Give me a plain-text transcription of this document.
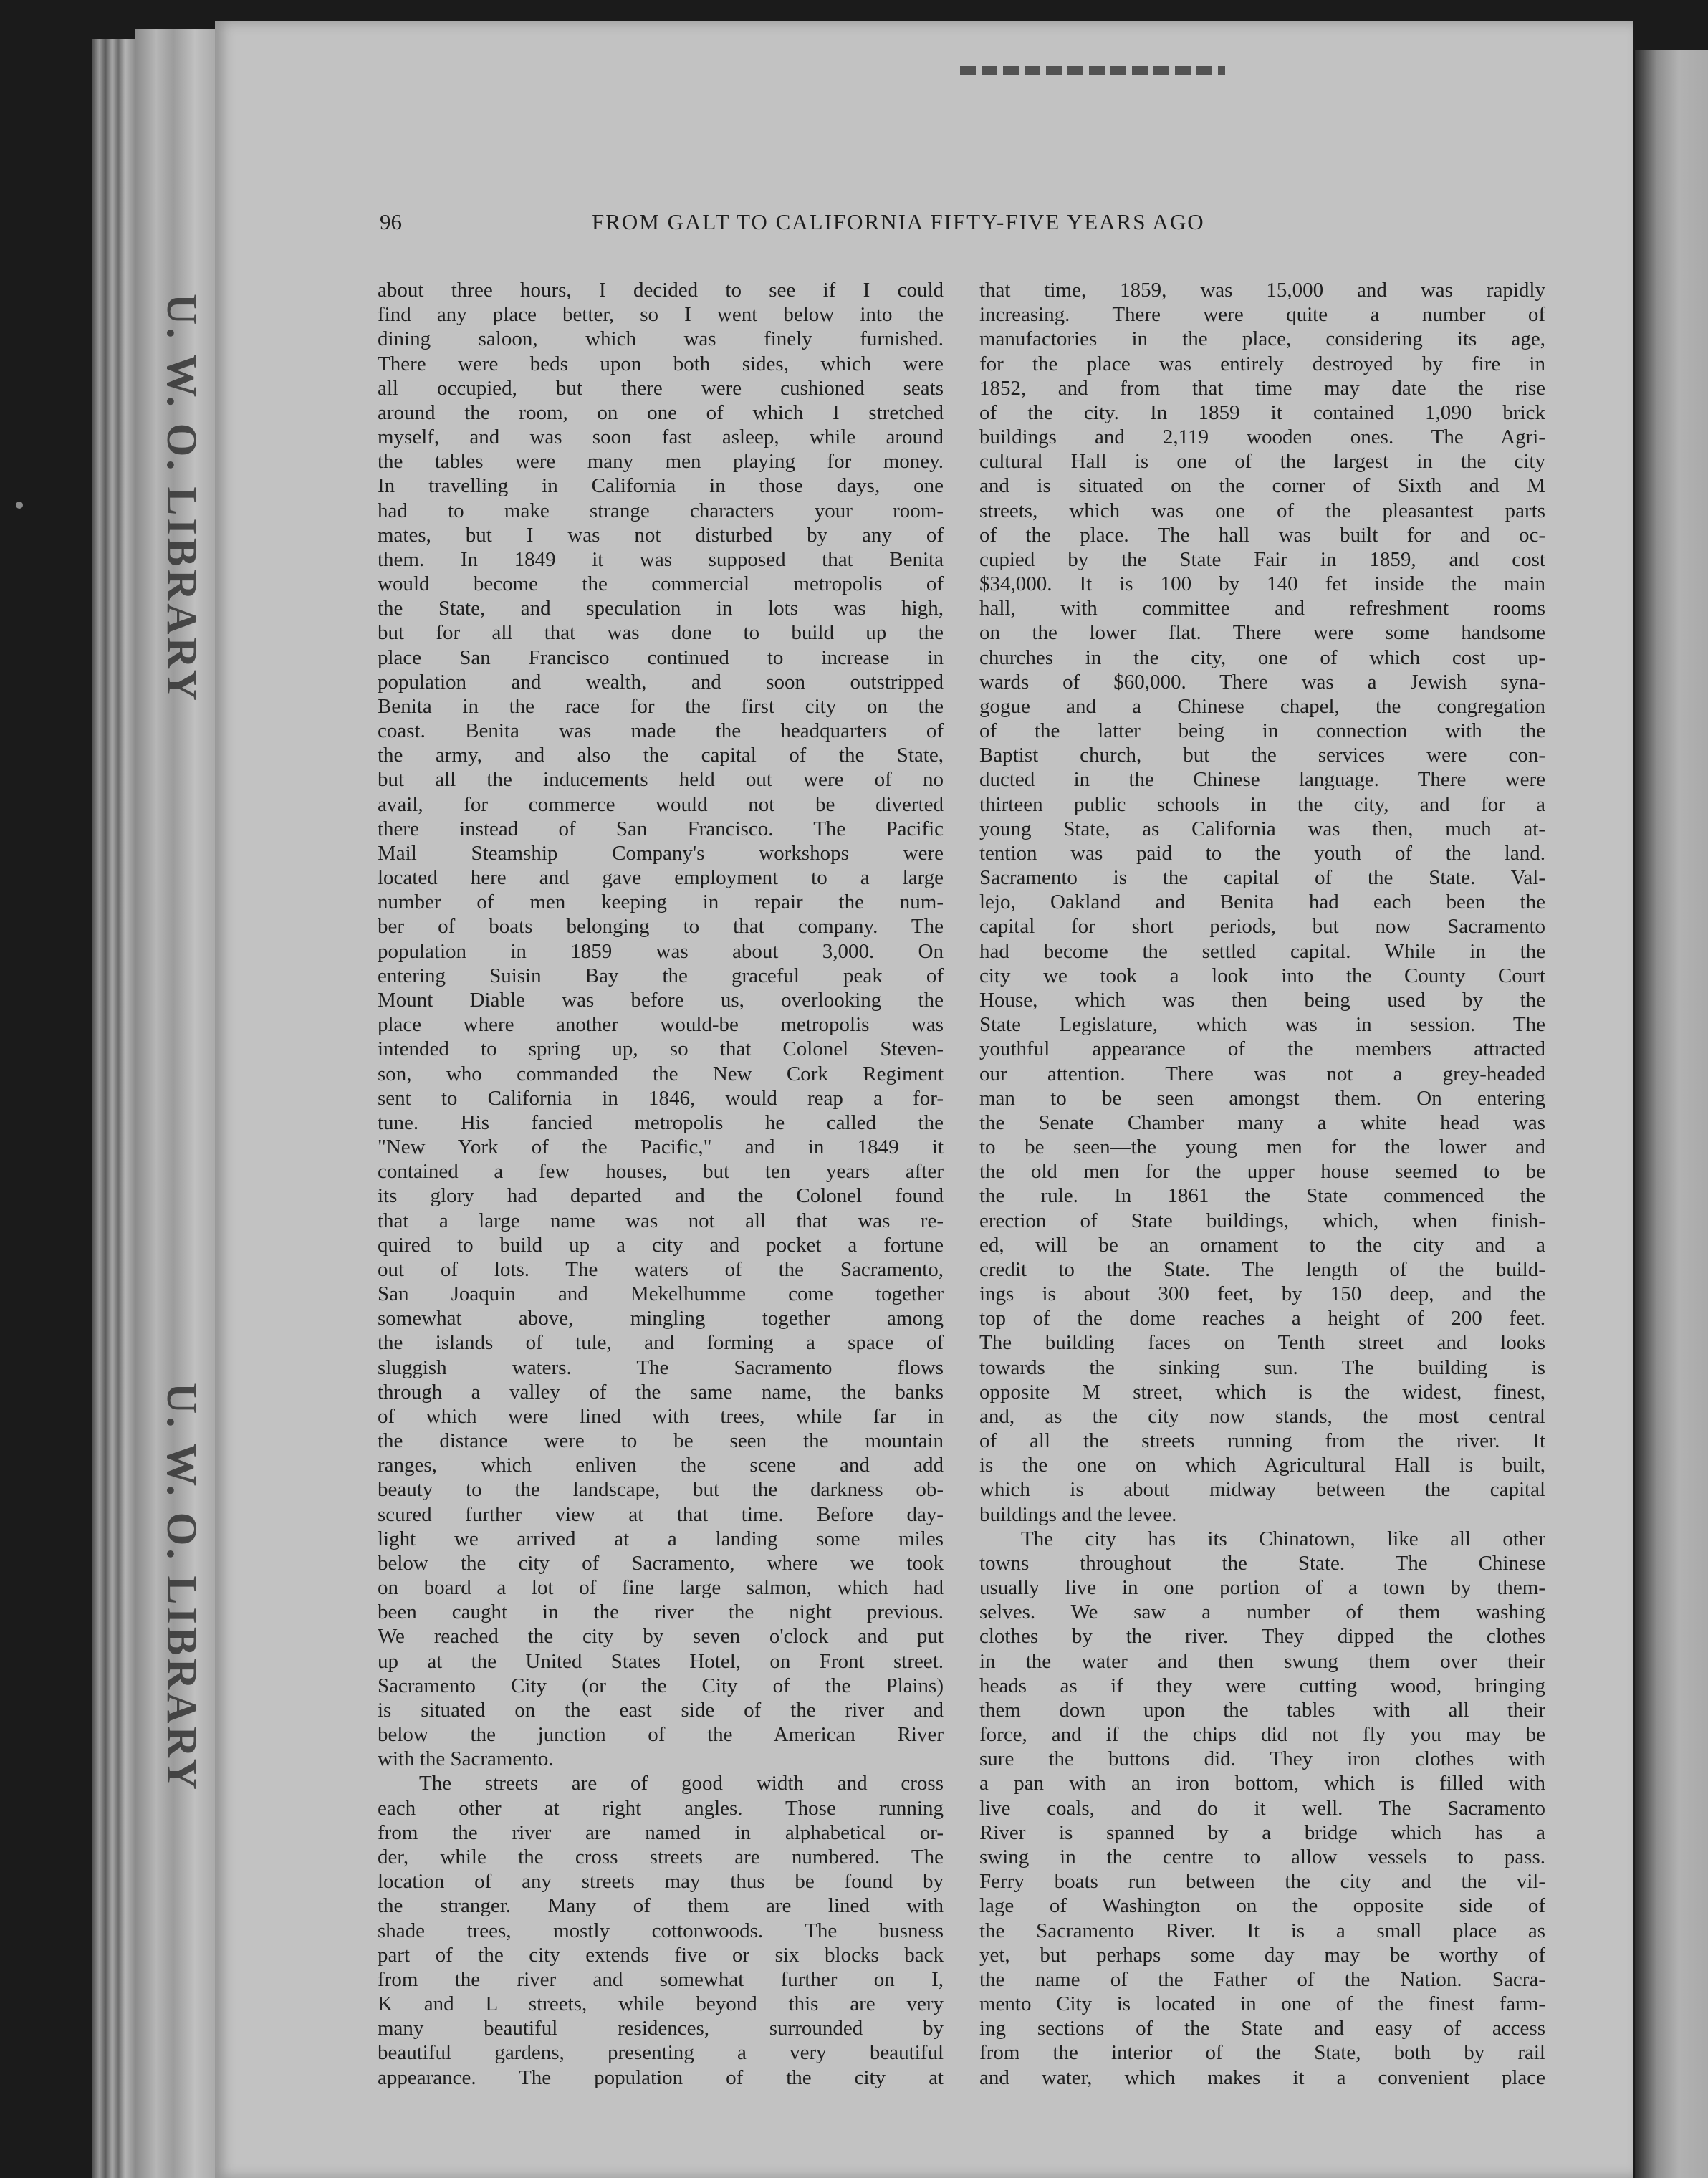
U. W. O. LIBRARY
U. W. O. LIBRARY
96	FROM GALT TO CALIFORNIA FIFTY-FIVE YEARS AGO
about three hours, I decided to see if I could
find any place better, so I went below into the
dining saloon, which was finely furnished.
There were beds upon both sides, which were
all occupied, but there were cushioned seats
around the room, on one of which I stretched
myself, and was soon fast asleep, while around
the tables were many men playing for money.
In travelling in California in those days, one
had to make strange characters your room-
mates, but I was not disturbed by any of
them. In 1849 it was supposed that Benita
would become the commercial metropolis of
the State, and speculation in lots was high,
but for all that was done to build up the
place San Francisco continued to increase in
population and wealth, and soon outstripped
Benita in the race for the first city on the
coast. Benita was made the headquarters of
the army, and also the capital of the State,
but all the inducements held out were of no
avail, for commerce would not be diverted
there instead of San Francisco. The Pacific
Mail Steamship Company's workshops were
located here and gave employment to a large
number of men keeping in repair the num-
ber of boats belonging to that company. The
population in 1859 was about 3,000. On
entering Suisin Bay the graceful peak of
Mount Diable was before us, overlooking the
place where another would-be metropolis was
intended to spring up, so that Colonel Steven-
son, who commanded the New Cork Regiment
sent to California in 1846, would reap a for-
tune. His fancied metropolis he called the
"New York of the Pacific," and in 1849 it
contained a few houses, but ten years after
its glory had departed and the Colonel found
that a large name was not all that was re-
quired to build up a city and pocket a fortune
out of lots. The waters of the Sacramento,
San Joaquin and Mekelhumme come together
somewhat above, mingling together among
the islands of tule, and forming a space of
sluggish waters. The Sacramento flows
through a valley of the same name, the banks
of which were lined with trees, while far in
the distance were to be seen the mountain
ranges, which enliven the scene and add
beauty to the landscape, but the darkness ob-
scured further view at that time. Before day-
light we arrived at a landing some miles
below the city of Sacramento, where we took
on board a lot of fine large salmon, which had
been caught in the river the night previous.
We reached the city by seven o'clock and put
up at the United States Hotel, on Front street.
Sacramento City (or the City of the Plains)
is situated on the east side of the river and
below the junction of the American River
with the Sacramento.
The streets are of good width and cross
each other at right angles. Those running
from the river are named in alphabetical or-
der, while the cross streets are numbered. The
location of any streets may thus be found by
the stranger. Many of them are lined with
shade trees, mostly cottonwoods. The busness
part of the city extends five or six blocks back
from the river and somewhat further on I,
K and L streets, while beyond this are very
many beautiful residences, surrounded by
beautiful gardens, presenting a very beautiful
appearance. The population of the city at
that time, 1859, was 15,000 and was rapidly
increasing. There were quite a number of
manufactories in the place, considering its age,
for the place was entirely destroyed by fire in
1852, and from that time may date the rise
of the city. In 1859 it contained 1,090 brick
buildings and 2,119 wooden ones. The Agri-
cultural Hall is one of the largest in the city
and is situated on the corner of Sixth and M
streets, which was one of the pleasantest parts
of the place. The hall was built for and oc-
cupied by the State Fair in 1859, and cost
$34,000. It is 100 by 140 fet inside the main
hall, with committee and refreshment rooms
on the lower flat. There were some handsome
churches in the city, one of which cost up-
wards of $60,000. There was a Jewish syna-
gogue and a Chinese chapel, the congregation
of the latter being in connection with the
Baptist church, but the services were con-
ducted in the Chinese language. There were
thirteen public schools in the city, and for a
young State, as California was then, much at-
tention was paid to the youth of the land.
Sacramento is the capital of the State. Val-
lejo, Oakland and Benita had each been the
capital for short periods, but now Sacramento
had become the settled capital. While in the
city we took a look into the County Court
House, which was then being used by the
State Legislature, which was in session. The
youthful appearance of the members attracted
our attention. There was not a grey-headed
man to be seen amongst them. On entering
the Senate Chamber many a white head was
to be seen—the young men for the lower and
the old men for the upper house seemed to be
the rule. In 1861 the State commenced the
erection of State buildings, which, when finish-
ed, will be an ornament to the city and a
credit to the State. The length of the build-
ings is about 300 feet, by 150 deep, and the
top of the dome reaches a height of 200 feet.
The building faces on Tenth street and looks
towards the sinking sun. The building is
opposite M street, which is the widest, finest,
and, as the city now stands, the most central
of all the streets running from the river. It
is the one on which Agricultural Hall is built,
which is about midway between the capital
buildings and the levee.
The city has its Chinatown, like all other
towns throughout the State. The Chinese
usually live in one portion of a town by them-
selves. We saw a number of them washing
clothes by the river. They dipped the clothes
in the water and then swung them over their
heads as if they were cutting wood, bringing
them down upon the tables with all their
force, and if the chips did not fly you may be
sure the buttons did. They iron clothes with
a pan with an iron bottom, which is filled with
live coals, and do it well. The Sacramento
River is spanned by a bridge which has a
swing in the centre to allow vessels to pass.
Ferry boats run between the city and the vil-
lage of Washington on the opposite side of
the Sacramento River. It is a small place as
yet, but perhaps some day may be worthy of
the name of the Father of the Nation. Sacra-
mento City is located in one of the finest farm-
ing sections of the State and easy of access
from the interior of the State, both by rail
and water, which makes it a convenient place
